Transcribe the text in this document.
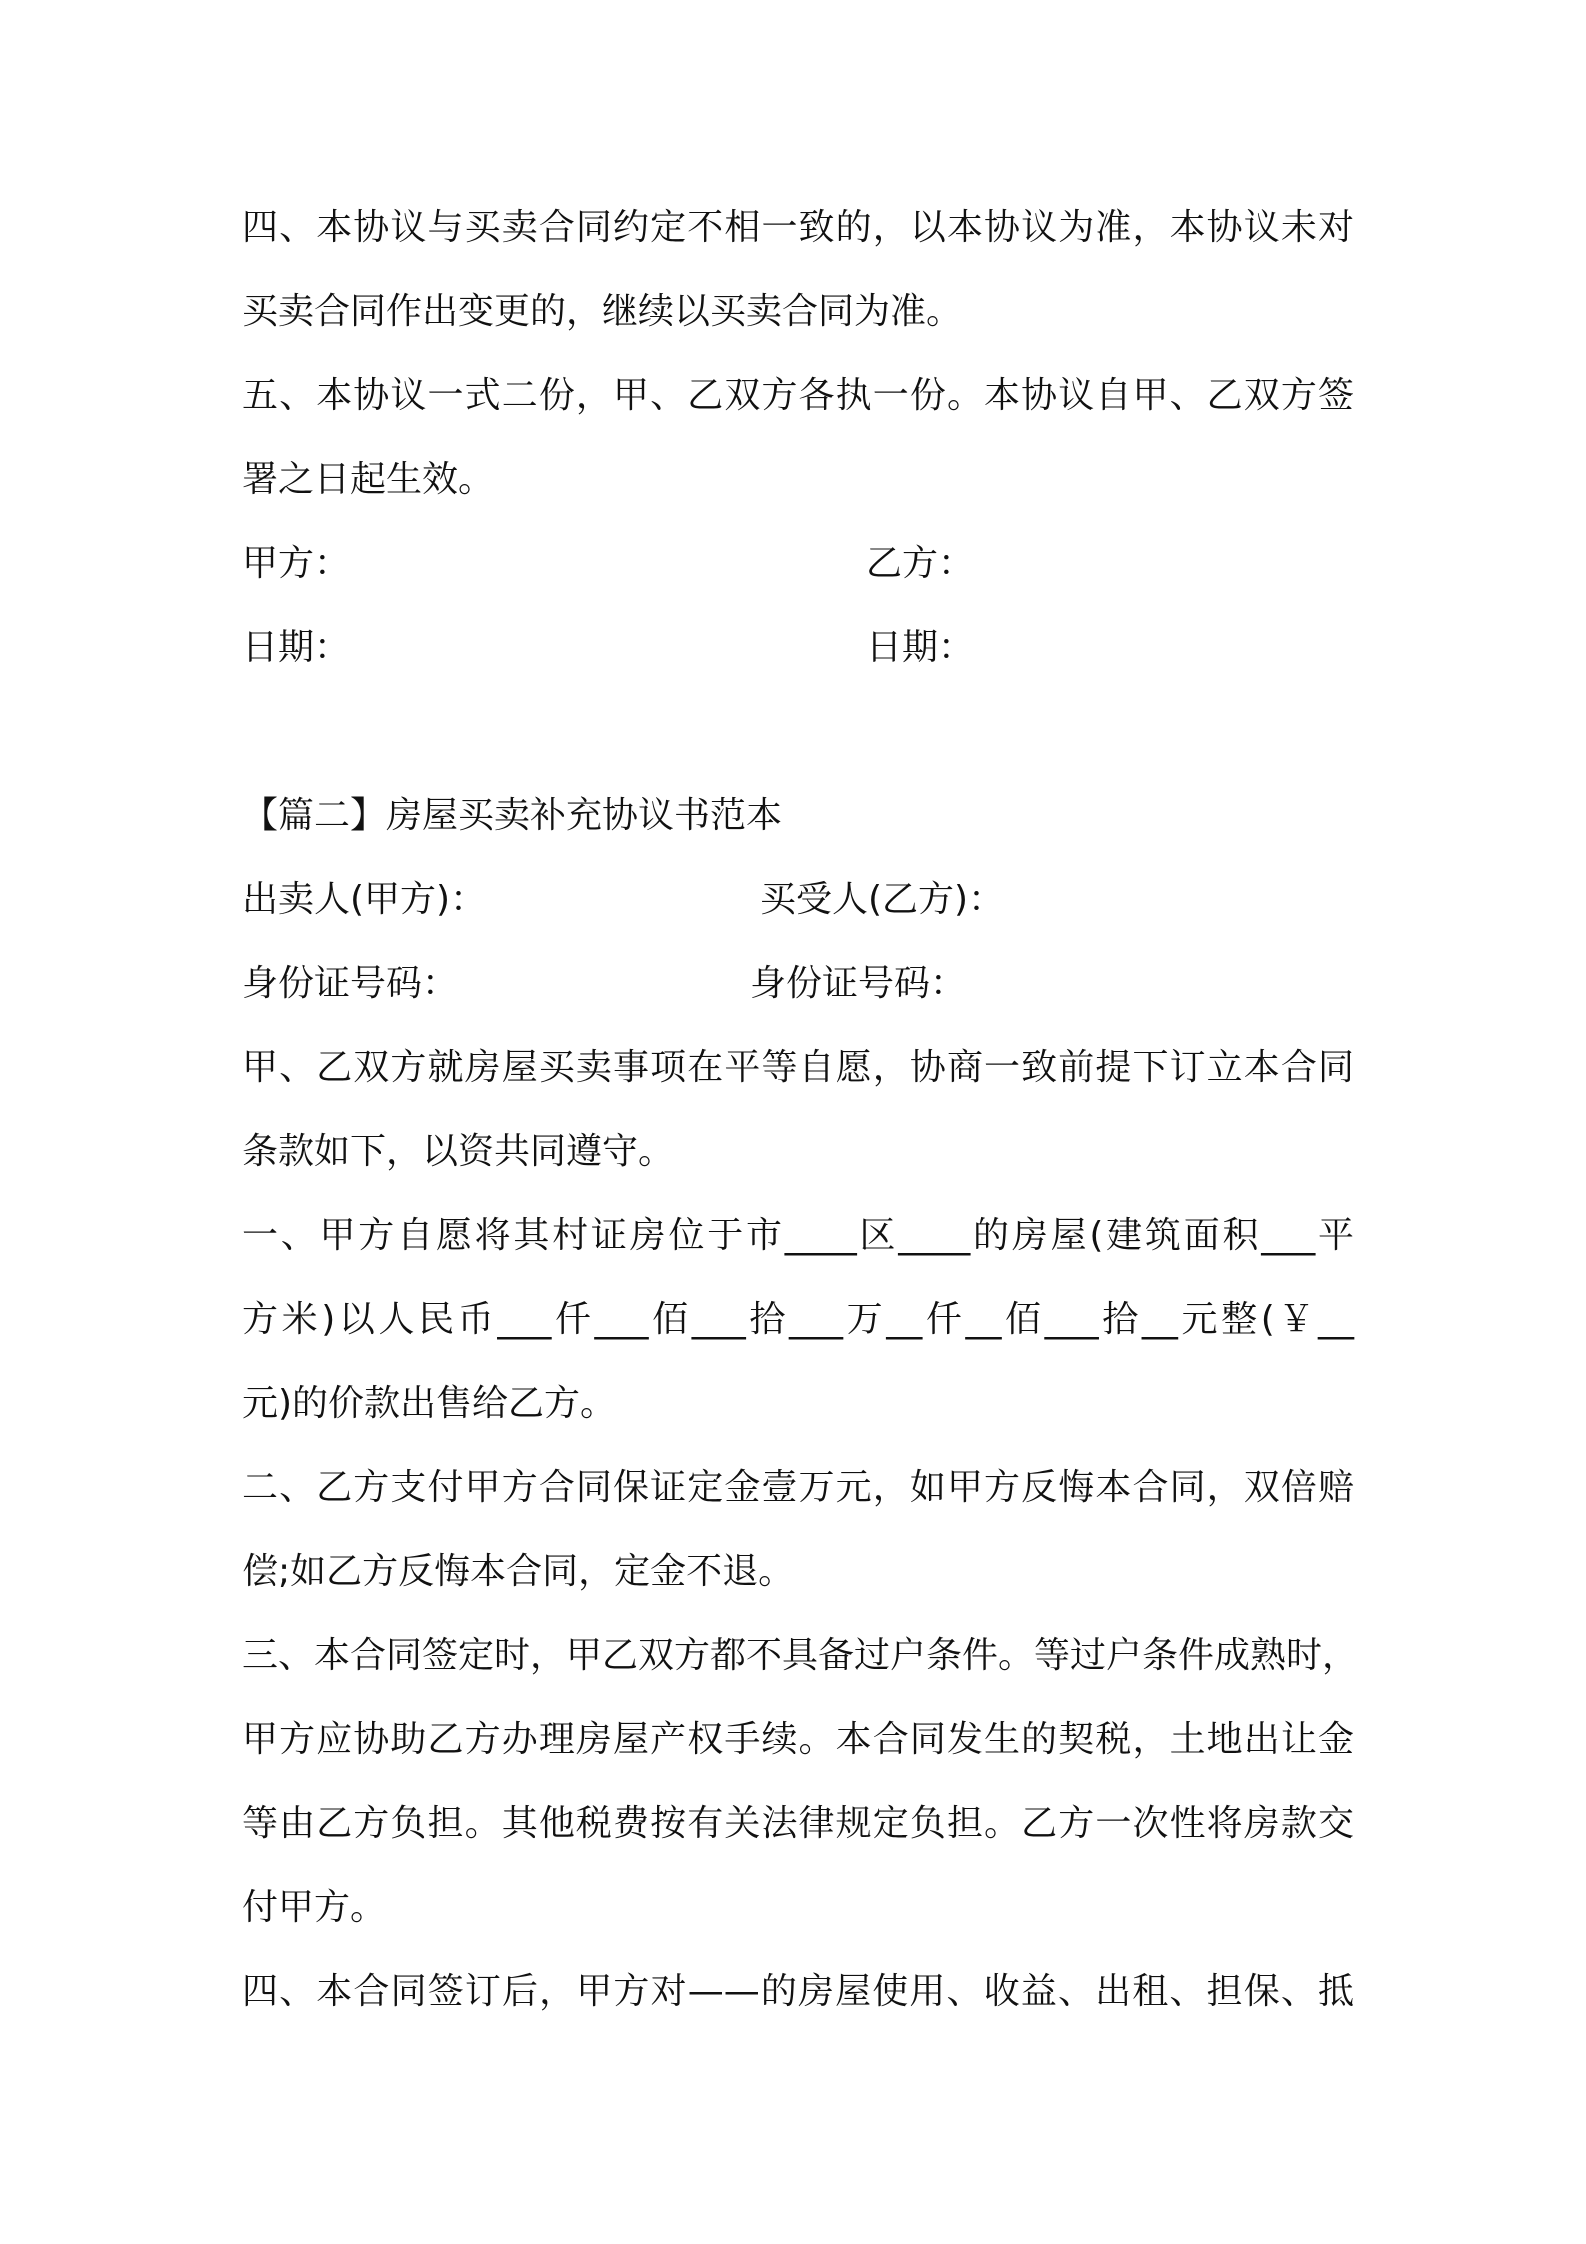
四、本协议与买卖合同约定不相一致的，以本协议为准，本协议未对
买卖合同作出变更的，继续以买卖合同为准。
五、本协议一式二份，甲、乙双方各执一份。本协议自甲、乙双方签
署之日起生效。
甲方：	乙方：
日期：	日期：
【篇二】房屋买卖补充协议书范本
出卖人(甲方)：	买受人(乙方)：
身份证号码：	身份证号码：
甲、乙双方就房屋买卖事项在平等自愿，协商一致前提下订立本合同
条款如下，以资共同遵守。
一、甲方自愿将其村证房位于市____区____的房屋(建筑面积___平
方米)以人民币___仟___佰___拾___万__仟__佰___拾__元整(￥__
元)的价款出售给乙方。
二、乙方支付甲方合同保证定金壹万元，如甲方反悔本合同，双倍赔
偿;如乙方反悔本合同，定金不退。
三、本合同签定时，甲乙双方都不具备过户条件。等过户条件成熟时，
甲方应协助乙方办理房屋产权手续。本合同发生的契税，土地出让金
等由乙方负担。其他税费按有关法律规定负担。乙方一次性将房款交
付甲方。
四、本合同签订后，甲方对——的房屋使用、收益、出租、担保、抵
